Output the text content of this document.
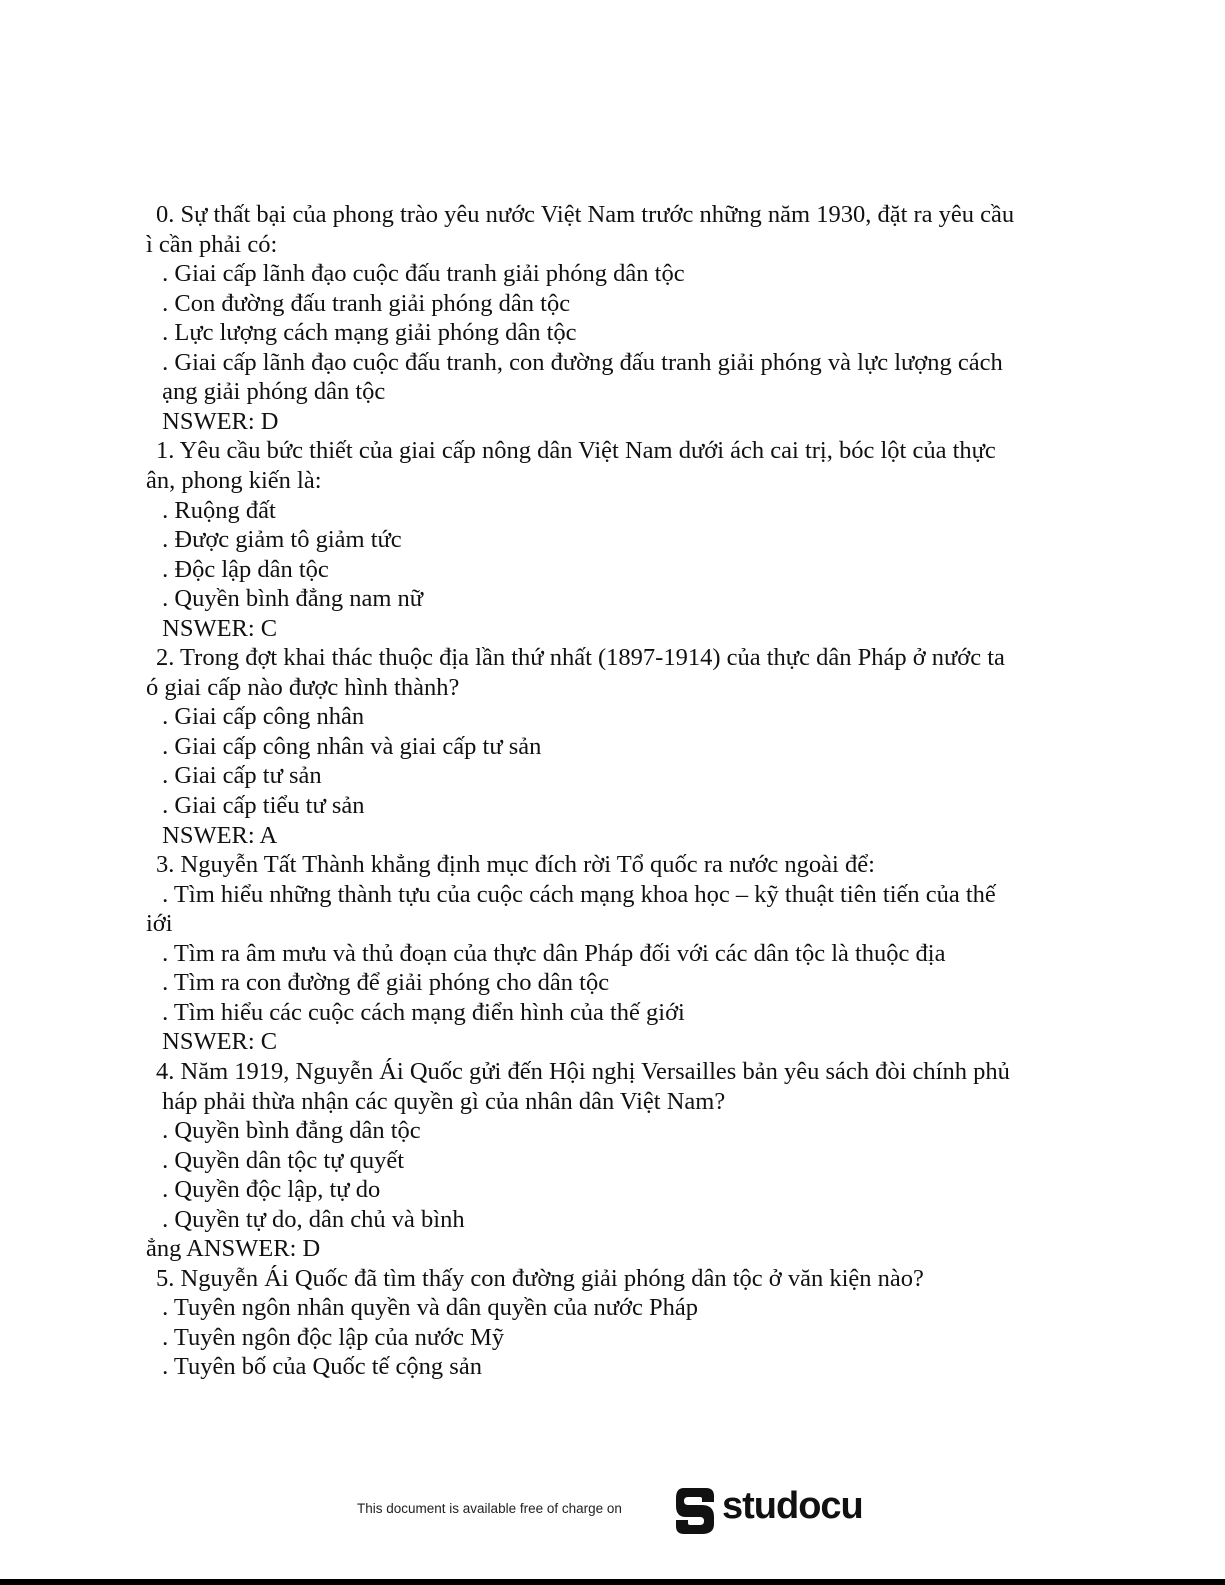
0. Sự thất bại của phong trào yêu nước Việt Nam trước những năm 1930, đặt ra yêu cầu
ì cần phải có:
. Giai cấp lãnh đạo cuộc đấu tranh giải phóng dân tộc
. Con đường đấu tranh giải phóng dân tộc
. Lực lượng cách mạng giải phóng dân tộc
. Giai cấp lãnh đạo cuộc đấu tranh, con đường đấu tranh giải phóng và lực lượng cách
ạng giải phóng dân tộc
NSWER: D
1. Yêu cầu bức thiết của giai cấp nông dân Việt Nam dưới ách cai trị, bóc lột của thực
ân, phong kiến là:
. Ruộng đất
. Được giảm tô giảm tức
. Độc lập dân tộc
. Quyền bình đẳng nam nữ
NSWER: C
2. Trong đợt khai thác thuộc địa lần thứ nhất (1897-1914) của thực dân Pháp ở nước ta
ó giai cấp nào được hình thành?
. Giai cấp công nhân
. Giai cấp công nhân và giai cấp tư sản
. Giai cấp tư sản
. Giai cấp tiểu tư sản
NSWER: A
3. Nguyễn Tất Thành khẳng định mục đích rời Tổ quốc ra nước ngoài để:
. Tìm hiểu những thành tựu của cuộc cách mạng khoa học – kỹ thuật tiên tiến của thế
iới
. Tìm ra âm mưu và thủ đoạn của thực dân Pháp đối với các dân tộc là thuộc địa
. Tìm ra con đường để giải phóng cho dân tộc
. Tìm hiểu các cuộc cách mạng điển hình của thế giới
NSWER: C
4. Năm 1919, Nguyễn Ái Quốc gửi đến Hội nghị Versailles bản yêu sách đòi chính phủ
háp phải thừa nhận các quyền gì của nhân dân Việt Nam?
. Quyền bình đẳng dân tộc
. Quyền dân tộc tự quyết
. Quyền độc lập, tự do
. Quyền tự do, dân chủ và bình
ẳng ANSWER: D
5. Nguyễn Ái Quốc đã tìm thấy con đường giải phóng dân tộc ở văn kiện nào?
. Tuyên ngôn nhân quyền và dân quyền của nước Pháp
. Tuyên ngôn độc lập của nước Mỹ
. Tuyên bố của Quốc tế cộng sản
This document is available free of charge on	studocu
